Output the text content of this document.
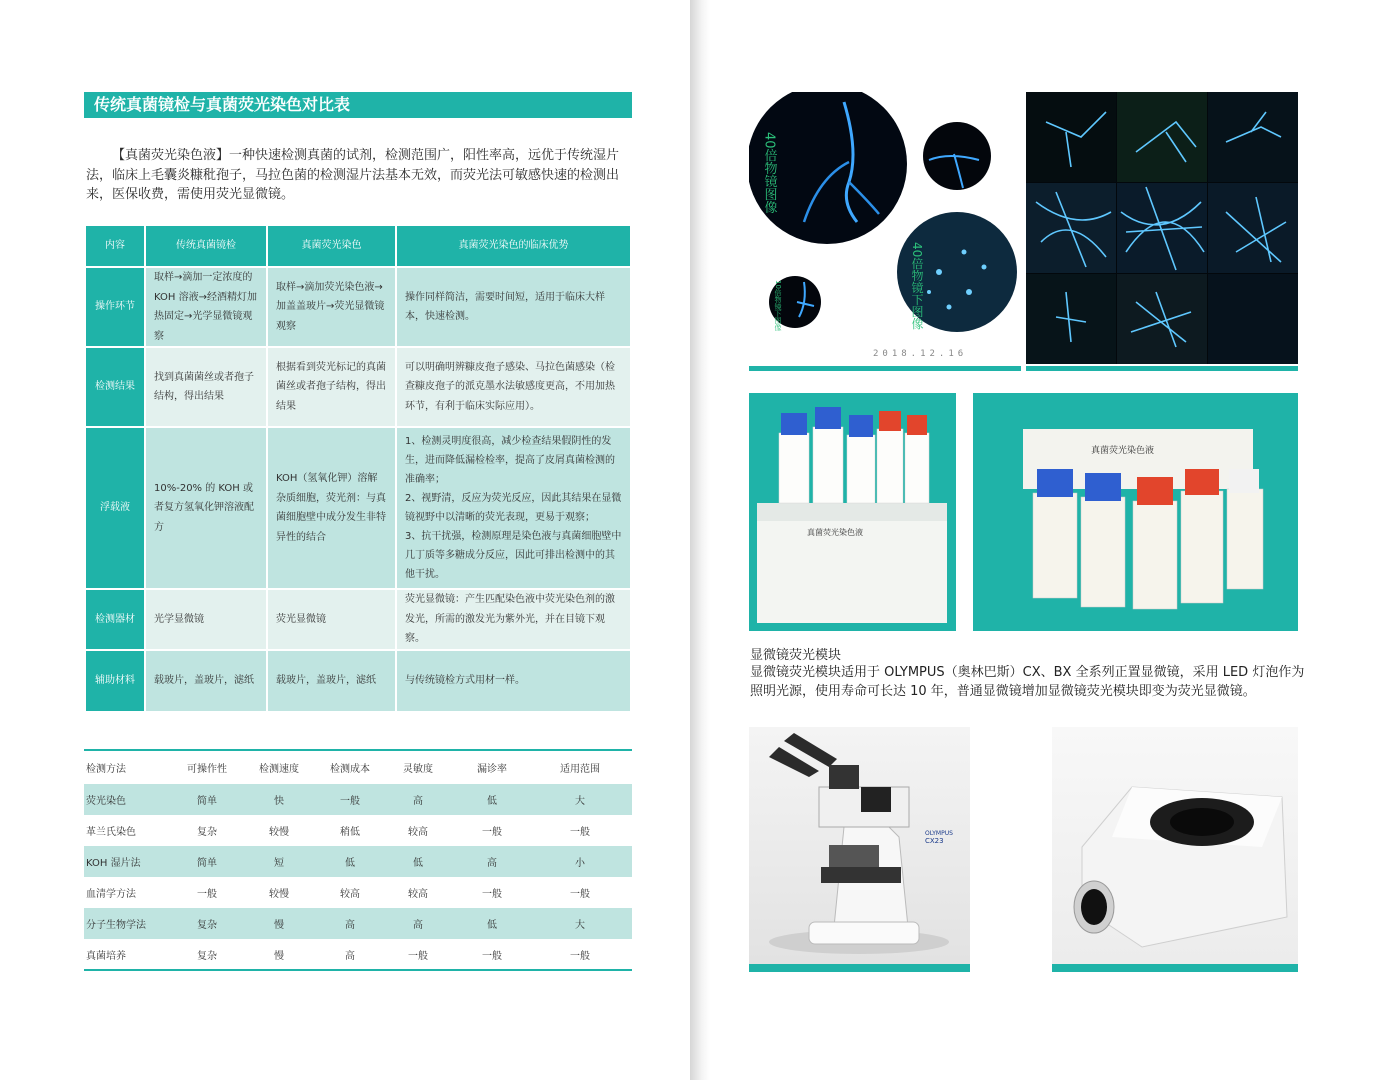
传统真菌镜检与真菌荧光染色对比表

【真菌荧光染色液】一种快速检测真菌的试剂，检测范围广，阳性率高，远优于传统湿片法，临床上毛囊炎糠秕孢子，马拉色菌的检测湿片法基本无效，而荧光法可敏感快速的检测出来，医保收费，需使用荧光显微镜。

内容	传统真菌镜检	真菌荧光染色	真菌荧光染色的临床优势
操作环节	取样→滴加一定浓度的KOH 溶液→经酒精灯加热固定→光学显微镜观察	取样→滴加荧光染色液→加盖盖玻片→荧光显微镜观察	操作同样简洁，需要时间短，适用于临床大样本，快速检测。
检测结果	找到真菌菌丝或者孢子结构，得出结果	根据看到荧光标记的真菌菌丝或者孢子结构，得出结果	可以明确明辨糠皮孢子感染、马拉色菌感染（检查糠皮孢子的派克墨水法敏感度更高，不用加热环节，有利于临床实际应用）。
浮载液	10%-20% 的 KOH 或者复方氢氧化钾溶液配方	KOH（氢氧化钾）溶解杂质细胞，荧光剂：与真菌细胞壁中成分发生非特异性的结合	1、检测灵明度很高，减少检查结果假阴性的发生，进而降低漏检检率，提高了皮屑真菌检测的准确率；
2、视野清，反应为荧光反应，因此其结果在显微镜视野中以清晰的荧光表现，更易于观察；
3、抗干扰强，检测原理是染色液与真菌细胞壁中几丁质等多糖成分反应，因此可排出检测中的其他干扰。
检测器材	光学显微镜	荧光显微镜	荧光显微镜：产生匹配染色液中荧光染色剂的激发光，所需的激发光为紫外光，并在目镜下观察。
辅助材料	载玻片，盖玻片，滤纸	载玻片，盖玻片，滤纸	与传统镜检方式用材一样。
检测方法	可操作性	检测速度	检测成本	灵敏度	漏诊率	适用范围
荧光染色	简单	快	一般	高	低	大
革兰氏染色	复杂	较慢	稍低	较高	一般	一般
KOH 湿片法	简单	短	低	低	高	小
血清学方法	一般	较慢	较高	较高	一般	一般
分子生物学法	复杂	慢	高	高	低	大
真菌培养	复杂	慢	高	一般	一般	一般
40倍物镜图像
40倍物镜下图像
10倍物镜下图像
2018.12.16
真菌荧光染色液
真菌荧光染色液
显微镜荧光模块
显微镜荧光模块适用于 OLYMPUS（奥林巴斯）CX、BX 全系列正置显微镜，采用 LED 灯泡作为照明光源，使用寿命可长达 10 年，普通显微镜增加显微镜荧光模块即变为荧光显微镜。
OLYMPUS
CX23
